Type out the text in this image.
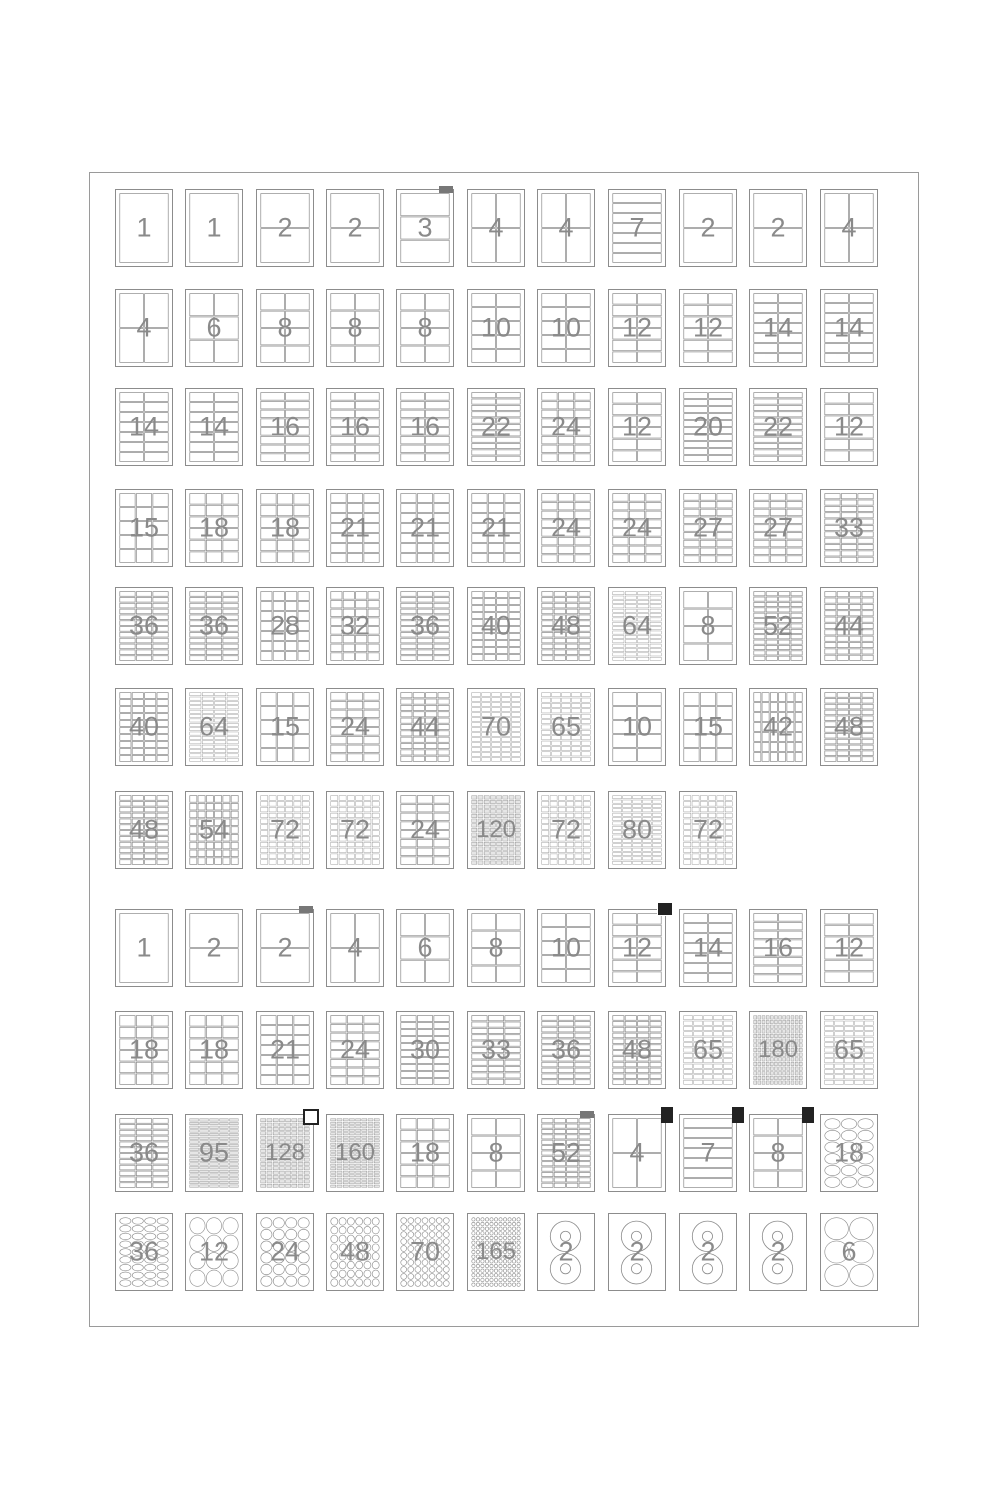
1	1	2	2	3	4	4	7	2	2	4
4	6	8	8	8	10	10	12	12	14	14
14	14	16	16	16	22	24	12	20	22	12
15	18	18	21	21	21	24	24	27	27	33
36	36	28	32	36	40	48	64	8	52	44
40	64	15	24	44	70	65	10	15	42	48
48	54	72	72	24	120	72	80	72
1	2	2	4	6	8	10	12	14	16	12
18	18	21	24	30	33	36	48	65	180	65
36	95	128	160	18	8	52	4	7	8	18
36	12	24	48	70	165	2	2	2	2	6
